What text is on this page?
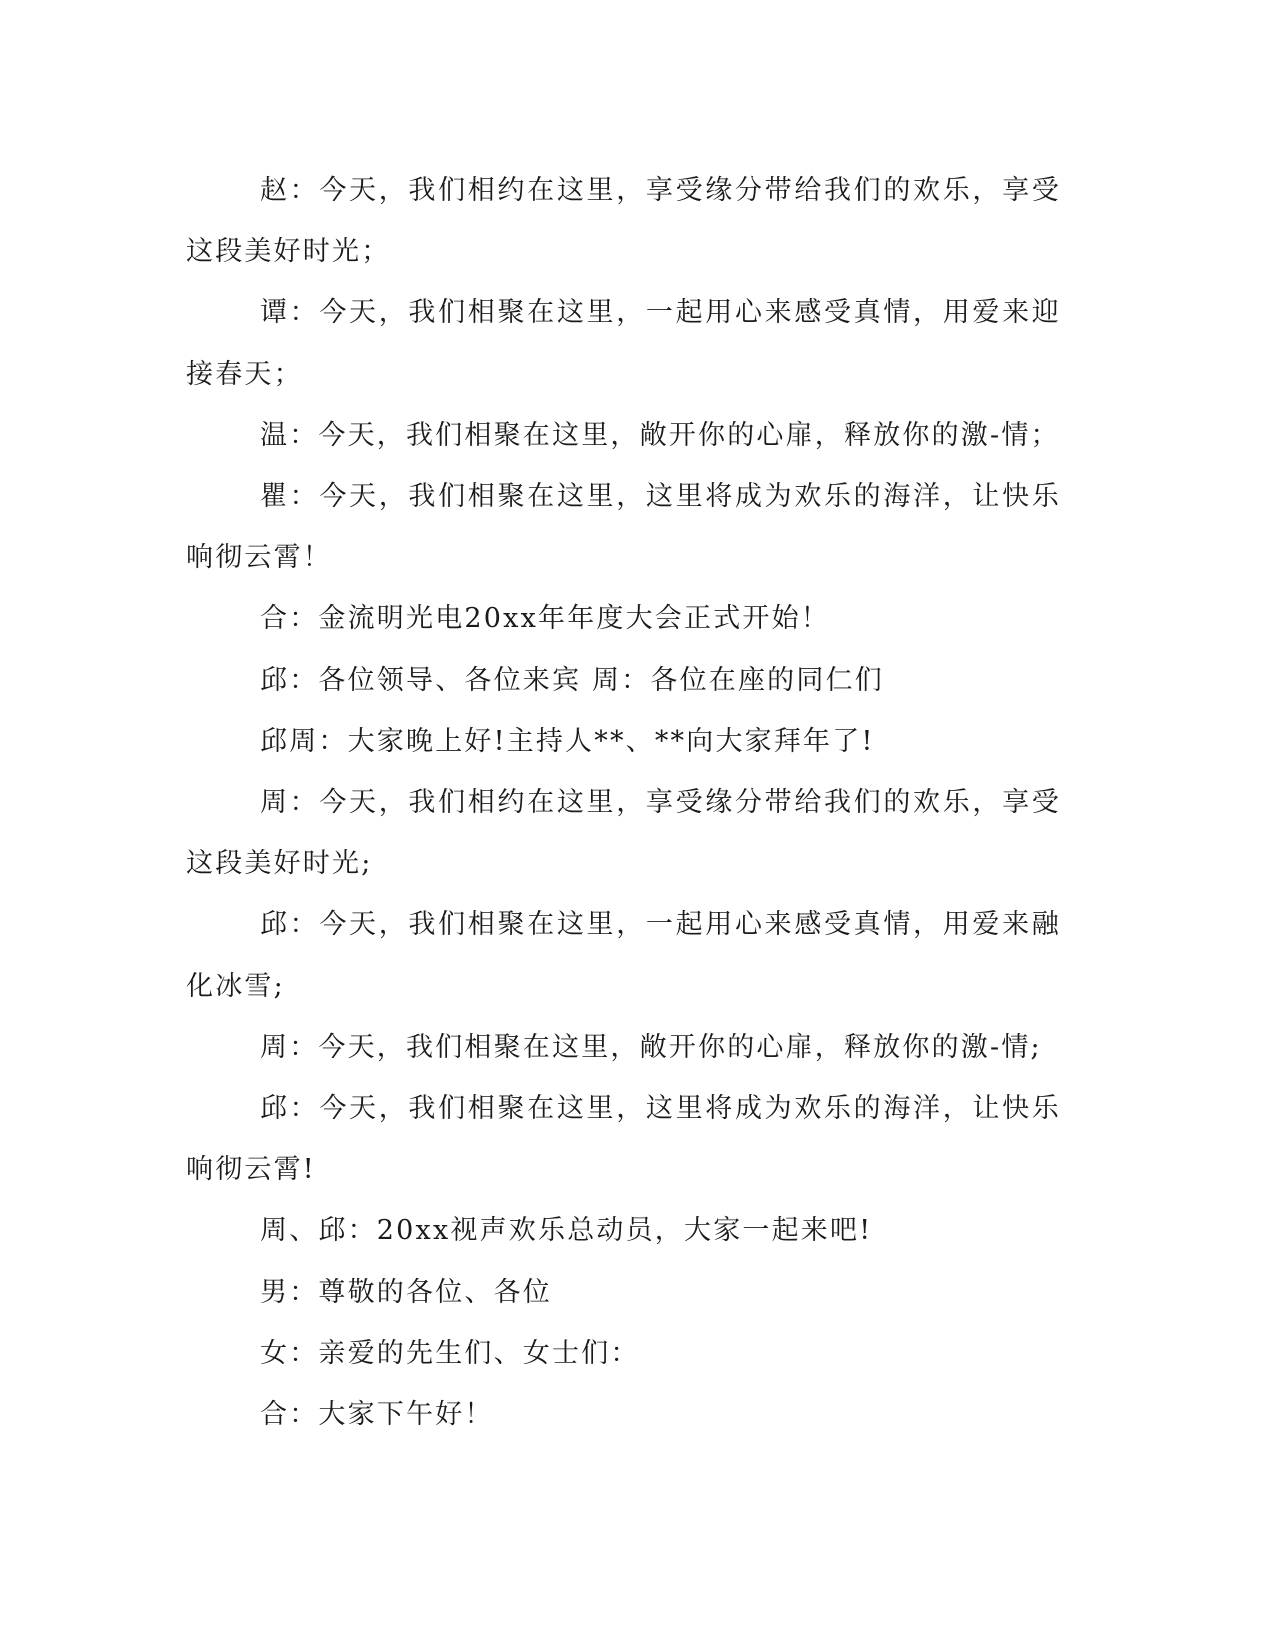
赵：今天，我们相约在这里，享受缘分带给我们的欢乐，享受这段美好时光；

谭：今天，我们相聚在这里，一起用心来感受真情，用爱来迎接春天；

温：今天，我们相聚在这里，敞开你的心扉，释放你的激-情；

瞿：今天，我们相聚在这里，这里将成为欢乐的海洋，让快乐响彻云霄！

合：金流明光电20xx年年度大会正式开始！

邱：各位领导、各位来宾 周：各位在座的同仁们

邱周：大家晚上好!主持人**、**向大家拜年了!

周：今天，我们相约在这里，享受缘分带给我们的欢乐，享受这段美好时光;

邱：今天，我们相聚在这里，一起用心来感受真情，用爱来融化冰雪;

周：今天，我们相聚在这里，敞开你的心扉，释放你的激-情;

邱：今天，我们相聚在这里，这里将成为欢乐的海洋，让快乐响彻云霄!

周、邱：20xx视声欢乐总动员，大家一起来吧!

男：尊敬的各位、各位

女：亲爱的先生们、女士们：

合：大家下午好！
